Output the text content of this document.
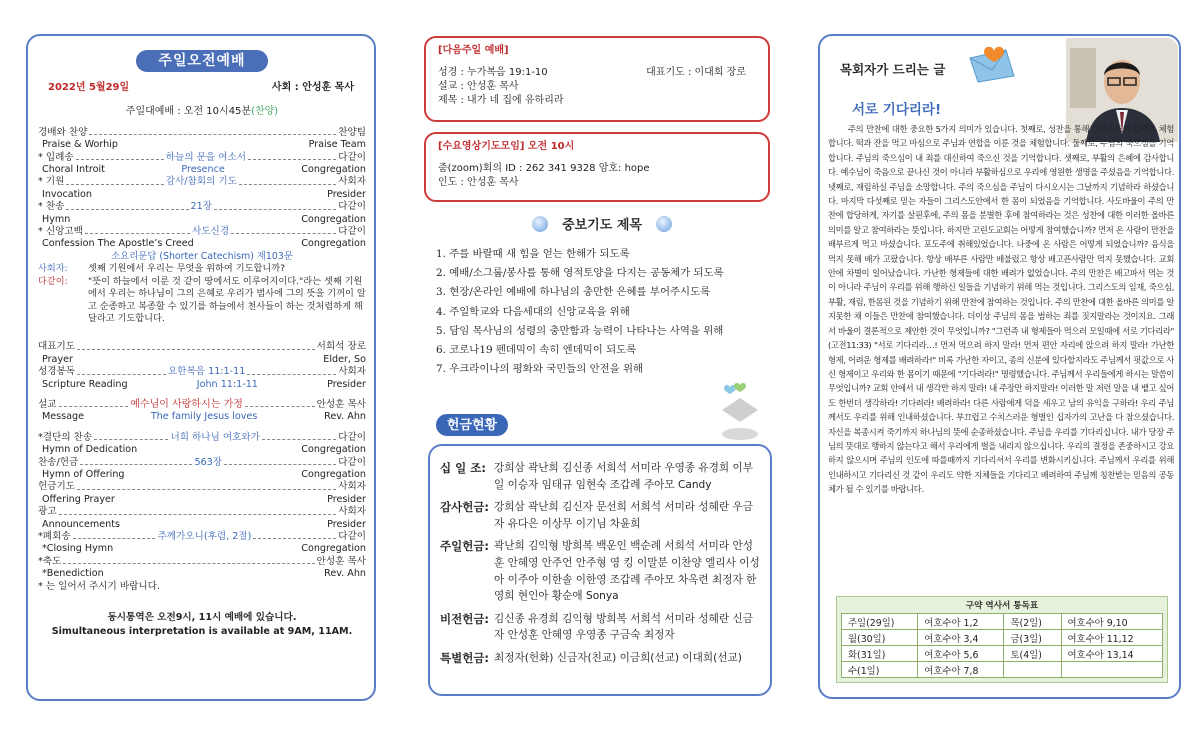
주일오전예배
2022년 5월29일	사회 : 안성훈 목사
주일대예배 : 오전 10시45분(찬양)
경배와 찬양	찬양팀
Praise & Worhip	Praise Team
* 입례송	하늘의 문을 여소서	다같이
Choral Introit	Presence	Congregation
* 기원	감사/참회의 기도	사회자
Invocation	Presider
* 찬송	21장	다같이
Hymn	Congregation
* 신앙고백	사도신경	다같이
Confession The Apostle’s Creed	Congregation
소요리문답 (Shorter Catechism) 제103문
사회자:	셋째 기원에서 우리는 무엇을 위하여 기도합니까?
다같이:	"뜻이 하늘에서 이룬 것 같이 땅에서도 이루어지이다."라는 셋째 기원에서 우리는 하나님이 그의 은혜로 우리가 범사에 그의 뜻을 기꺼이 알고 순종하고 복종할 수 있기를 하늘에서 천사들이 하는 것처럼하게 해 달라고 기도합니다.
대표기도	서희석 장로
Prayer	Elder, So
성경봉독	요한복음 11:1-11	사회자
Scripture Reading	John 11:1-11	Presider
설교	예수님이 사랑하시는 가정	안성훈 목사
Message	The family Jesus loves	Rev. Ahn
*결단의 찬송	너희 하나님 여호와가	다같이
Hymn of Dedication	Congregation
찬송/헌금	563장	다같이
Hymn of Offering	Congregation
헌금기도	사회자
Offering Prayer	Presider
광고	사회자
Announcements	Presider
*폐회송	주께가오니(후렴, 2절)	다같이
*Closing Hymn	Congregation
*축도	안성훈 목사
*Benediction	Rev. Ahn
* 는 일어서 주시기 바랍니다.
동시통역은 오전9시, 11시 예배에 있습니다.
Simultaneous interpretation is available at 9AM, 11AM.
[다음주일 예배]
성경 : 누가복음 19:1-10	대표기도 : 이대희 장로
설교 : 안성훈 목사
제목 : 내가 네 집에 유하리라
[수요영상기도모임] 오전 10시
줌(zoom)회의 ID : 262 341 9328 암호: hope
인도 : 안성훈 목사
중보기도 제목
1. 주를 바랄때 새 힘을 얻는 한해가 되도록
2. 예배/소그룹/봉사를 통해 영적토양을 다지는 공동체가 되도록
3. 현장/온라인 예배에 하나님의 충만한 은혜를 부어주시도록
4. 주일학교와 다음세대의 신앙교육을 위해
5. 담임 목사님의 성령의 충만함과 능력이 나타나는 사역을 위해
6. 코로나19 펜데믹이 속히 엔데믹이 되도록
7. 우크라이나의 평화와 국민들의 안전을 위해
헌금현황
십 일 조: 강희삼 곽난희 김신종 서희석 서미라 우영종 유경희 이부일 이승자 임태규 임현숙 조갑례 주아모 Candy
감사헌금: 강희삼 곽난희 김신자 문선희 서희석 서미라 성혜란 우금자 유다은 이상무 이기님 차윤희
주일헌금: 곽난희 김익형 방희복 백운인 백순례 서희석 서미라 안성훈 안혜영 안주언 안주형 영 킹 이말분 이찬양 엘리사 이성아 이주아 이한솔 이한영 조갑례 주아모 차옥련 최정자 한영희 현인아 황순애 Sonya
비전헌금: 김신종 유경희 김익형 방희복 서희석 서미라 성혜란 신금자 안성훈 안혜영 우영종 구금숙 최정자
특별헌금: 최정자(헌화) 신금자(친교) 이금희(선교) 이대희(선교)
목회자가 드리는 글
서로 기다리라!
주의 만찬에 대한 중요한 5가지 의미가 있습니다. 첫째로, 성찬을 통해 그리스도의 임재를 체험합니다. 떡과 잔을 먹고 마심으로 주님과 연합을 이룬 것을 체험합니다. 둘째로, 주님의 죽으심을 기억합니다. 주님의 죽으심이 내 죄를 대신하여 죽으신 것을 기억합니다. 셋째로, 부활의 은혜에 감사합니다. 예수님이 죽음으로 끝나신 것이 아니라 부활하심으로 우리에 영원한 생명을 주셨음을 기억합니다. 넷째로, 재림하실 주님을 소망합니다. 주의 죽으심을 주님이 다시오시는 그날까지 기념하라 하셨습니다. 마지막 다섯째로 믿는 자들이 그리스도안에서 한 몸이 되었음을 기억합니다. 사도바울이 주의 만찬에 합당하게, 자기를 살핀후에, 주의 몸을 분별한 후에 참여하라는 것은 성찬에 대한 이러한 올바른 의미를 알고 참여하라는 뜻입니다. 하지만 고린도교회는 어떻게 참여했습니까? 먼저 온 사람이 만찬을 배부르게 먹고 마셨습니다. 포도주에 취해있었습니다. 나중에 온 사람은 어떻게 되었습니까? 음식을 먹지 못해 배가 고팠습니다. 항상 배부른 사람만 배불렀고 항상 배고픈사람만 먹지 못했습니다. 교회 안에 차별이 일어났습니다. 가난한 형제들에 대한 배려가 없었습니다. 주의 만찬은 배고파서 먹는 것이 아니라 주님이 우리를 위해 행하신 일들을 기념하기 위해 먹는 것입니다. 그리스도의 임재, 죽으심, 부활, 재림, 한몸된 것을 기념하기 위해 만찬에 참여하는 것입니다. 주의 만찬에 대한 올바른 의미를 알지못한 채 이들은 만찬에 참여했습니다. 더이상 주님의 몸을 범하는 죄를 짓지말라는 것이지요. 그래서 바울이 결론적으로 제안한 것이 무엇입니까? "그런즉 내 형제들아 먹으러 모일때에 서로 기다리라"(고전11:33) "서로 기다리라…! 먼저 먹으려 하지 말라! 먼저 편안 자리에 앉으려 하지 말라! 가난한 형제, 어려운 형제를 배려하라!" 비록 가난한 자이고, 종의 신분에 있다할지라도 주님께서 핏값으로 사신 형제이고 우리와 한 몸이기 때문에 "기다려라!" 명령했습니다. 주님께서 우리들에게 하시는 말씀이 무엇입니까? 교회 안에서 내 생각만 하지 말라! 내 주장만 하지말라! 이러한 말 저런 말을 내 뱉고 싶어도 한번더 생각하라! 기다려라! 배려하라! 다른 사람에게 덕을 세우고 남의 유익을 구하라! 우리 주님께서도 우리를 위해 인내하셨습니다. 부끄럽고 수치스러운 형벌인 십자가의 고난을 다 참으셨습니다. 자신을 복종시켜 죽기까지 하나님의 뜻에 순종하셨습니다. 주님을 우리를 기다리십니다. 내가 당장 주님의 뜻대로 행하지 않는다고 해서 우리에게 벌을 내리지 않으십니다. 우리의 결정을 존중하시고 강요하지 않으시며 주님의 인도에 따를때까지 기다리셔서 우리를 변화시키십니다. 주님께서 우리를 위해 인내하시고 기다리신 것 같이 우리도 약한 지체들을 기다리고 배려하여 주님께 칭찬받는 믿음의 공동체가 될 수 있기를 바랍니다.
구약 역사서 통독표
주일(29일)	여호수아 1,2	목(2일)	여호수아 9,10
월(30일)	여호수아 3,4	금(3일)	여호수아 11,12
화(31일)	여호수아 5,6	토(4일)	여호수아 13,14
수(1일)	여호수아 7,8		
